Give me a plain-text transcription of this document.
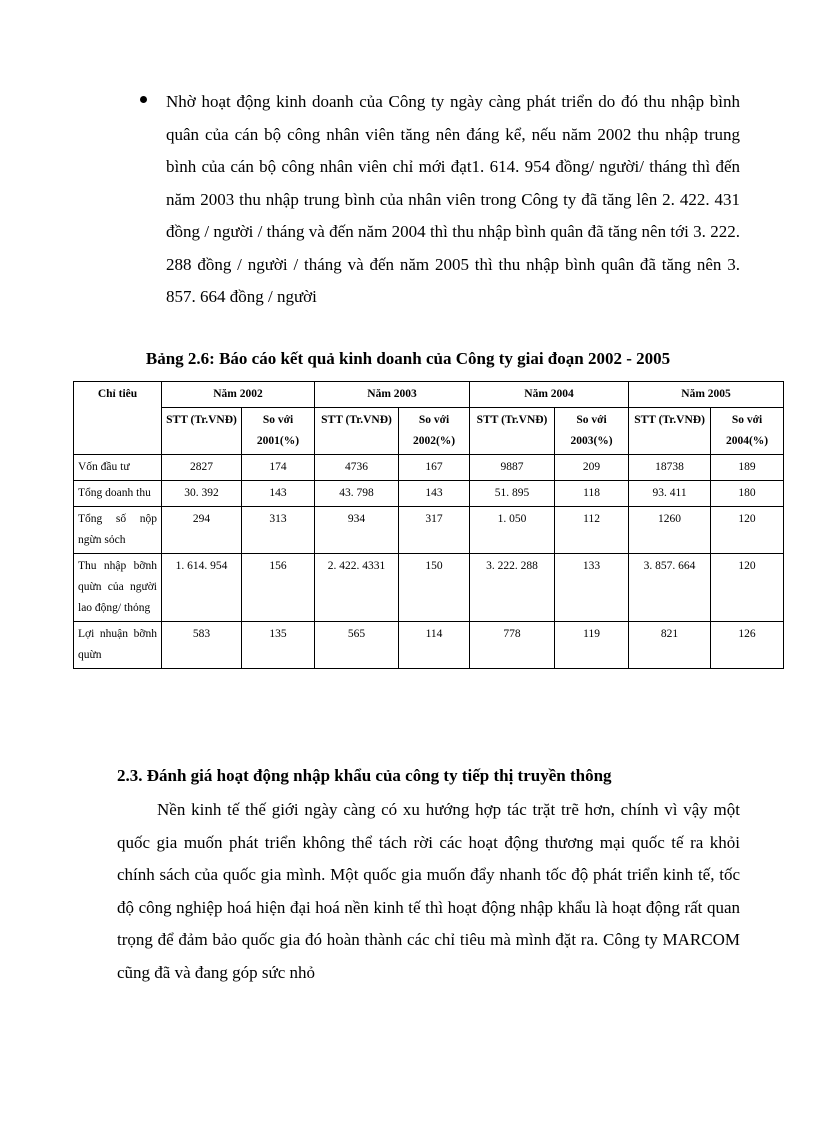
Nhờ hoạt động kinh doanh của Công ty ngày càng phát triển do đó thu nhập bình quân của cán bộ công nhân viên tăng nên đáng kể, nếu năm 2002 thu nhập trung bình của cán bộ công nhân viên chỉ mới đạt1. 614. 954 đồng/ người/ tháng thì đến năm 2003 thu nhập trung bình của nhân viên trong Công ty đã tăng lên 2. 422. 431 đồng / người / tháng và đến năm 2004 thì thu nhập bình quân đã tăng nên tới 3. 222. 288 đồng / người / tháng và đến năm 2005 thì thu nhập bình quân đã tăng nên 3. 857. 664 đồng / người
Bảng 2.6: Báo cáo kết quả kinh doanh của Công ty giai đoạn 2002 - 2005
Chỉ tiêu	Năm 2002		Năm 2003		Năm 2004		Năm 2005	
	STT (Tr.VNĐ)	So với 2001(%)	STT (Tr.VNĐ)	So với 2002(%)	STT (Tr.VNĐ)	So với 2003(%)	STT (Tr.VNĐ)	So với 2004(%)
Vốn đầu tư	2827	174	4736	167	9887	209	18738	189
Tổng doanh thu	30. 392	143	43. 798	143	51. 895	118	93. 411	180
Tổng số nộp ngừn sỏch	294	313	934	317	1. 050	112	1260	120
Thu nhập bỡnh quừn của người lao động/ thỏng	1. 614. 954	156	2. 422. 4331	150	3. 222. 288	133	3. 857. 664	120
Lợi nhuận bỡnh quừn	583	135	565	114	778	119	821	126
2.3. Đánh giá hoạt động nhập khẩu của công ty tiếp thị truyền thông

Nền kinh tế thế giới ngày càng có xu hướng hợp tác trặt trẽ hơn, chính vì vậy một quốc gia muốn phát triển không thể tách rời các hoạt động thương mại quốc tế ra khỏi chính sách của quốc gia mình. Một quốc gia muốn đẩy nhanh tốc độ phát triển kinh tế, tốc độ công nghiệp hoá hiện đại hoá nền kinh tế thì hoạt động nhập khẩu là hoạt động rất quan trọng để đảm bảo quốc gia đó hoàn thành các chỉ tiêu mà mình đặt ra. Công ty MARCOM cũng đã và đang góp sức nhỏ
